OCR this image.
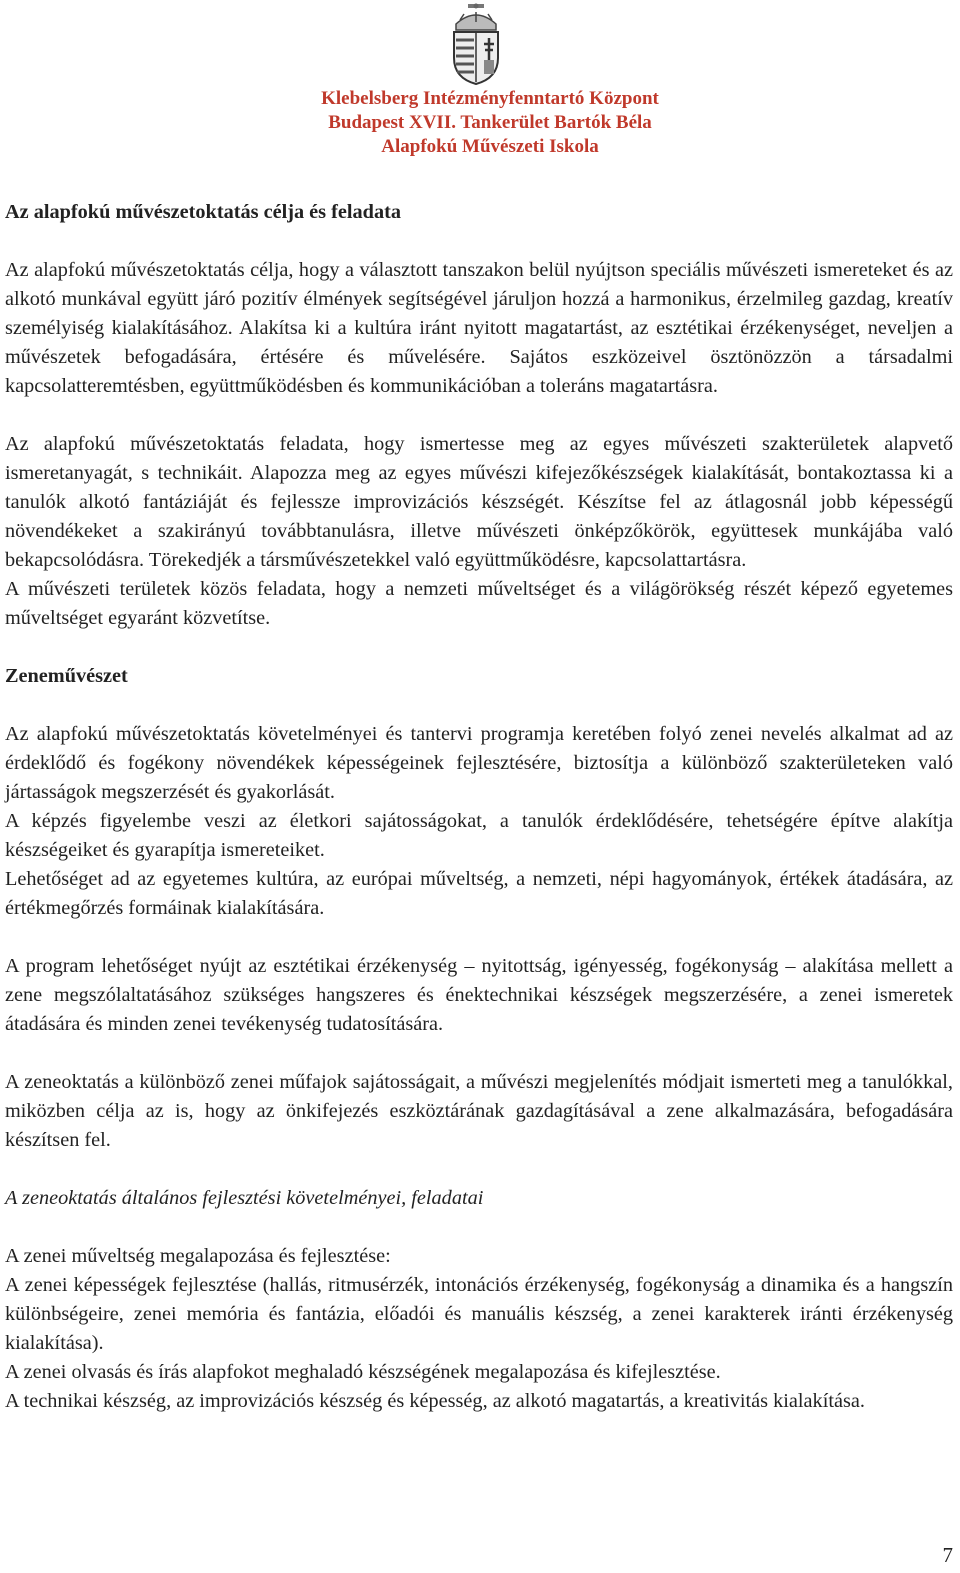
Klebelsberg Intézményfenntartó Központ
Budapest XVII. Tankerület Bartók Béla
Alapfokú Művészeti Iskola
Az alapfokú művészetoktatás célja és feladata

Az alapfokú művészetoktatás célja, hogy a választott tanszakon belül nyújtson speciális művészeti ismereteket és az alkotó munkával együtt járó pozitív élmények segítségével járuljon hozzá a harmonikus, érzelmileg gazdag, kreatív személyiség kialakításához. Alakítsa ki a kultúra iránt nyitott magatartást, az esztétikai érzékenységet, neveljen a művészetek befogadására, értésére és művelésére. Sajátos eszközeivel ösztönözzön a társadalmi kapcsolatteremtésben, együttműködésben és kommunikációban a toleráns magatartásra.

Az alapfokú művészetoktatás feladata, hogy ismertesse meg az egyes művészeti szakterületek alapvető ismeretanyagát, s technikáit. Alapozza meg az egyes művészi kifejezőkészségek kialakítását, bontakoztassa ki a tanulók alkotó fantáziáját és fejlessze improvizációs készségét. Készítse fel az átlagosnál jobb képességű növendékeket a szakirányú továbbtanulásra, illetve művészeti önképzőkörök, együttesek munkájába való bekapcsolódásra. Törekedjék a társművészetekkel való együttműködésre, kapcsolattartásra.

A művészeti területek közös feladata, hogy a nemzeti műveltséget és a világörökség részét képező egyetemes műveltséget egyaránt közvetítse.

Zeneművészet

Az alapfokú művészetoktatás követelményei és tantervi programja keretében folyó zenei nevelés alkalmat ad az érdeklődő és fogékony növendékek képességeinek fejlesztésére, biztosítja a különböző szakterületeken való jártasságok megszerzését és gyakorlását.

A képzés figyelembe veszi az életkori sajátosságokat, a tanulók érdeklődésére, tehetségére építve alakítja készségeiket és gyarapítja ismereteiket.

Lehetőséget ad az egyetemes kultúra, az európai műveltség, a nemzeti, népi hagyományok, értékek átadására, az értékmegőrzés formáinak kialakítására.

A program lehetőséget nyújt az esztétikai érzékenység – nyitottság, igényesség, fogékonyság – alakítása mellett a zene megszólaltatásához szükséges hangszeres és énektechnikai készségek megszerzésére, a zenei ismeretek átadására és minden zenei tevékenység tudatosítására.

A zeneoktatás a különböző zenei műfajok sajátosságait, a művészi megjelenítés módjait ismerteti meg a tanulókkal, miközben célja az is, hogy az önkifejezés eszköztárának gazdagításával a zene alkalmazására, befogadására készítsen fel.

A zeneoktatás általános fejlesztési követelményei, feladatai

A zenei műveltség megalapozása és fejlesztése:

A zenei képességek fejlesztése (hallás, ritmusérzék, intonációs érzékenység, fogékonyság a dinamika és a hangszín különbségeire, zenei memória és fantázia, előadói és manuális készség, a zenei karakterek iránti érzékenység kialakítása).

A zenei olvasás és írás alapfokot meghaladó készségének megalapozása és kifejlesztése.

A technikai készség, az improvizációs készség és képesség, az alkotó magatartás, a kreativitás kialakítása.

7
